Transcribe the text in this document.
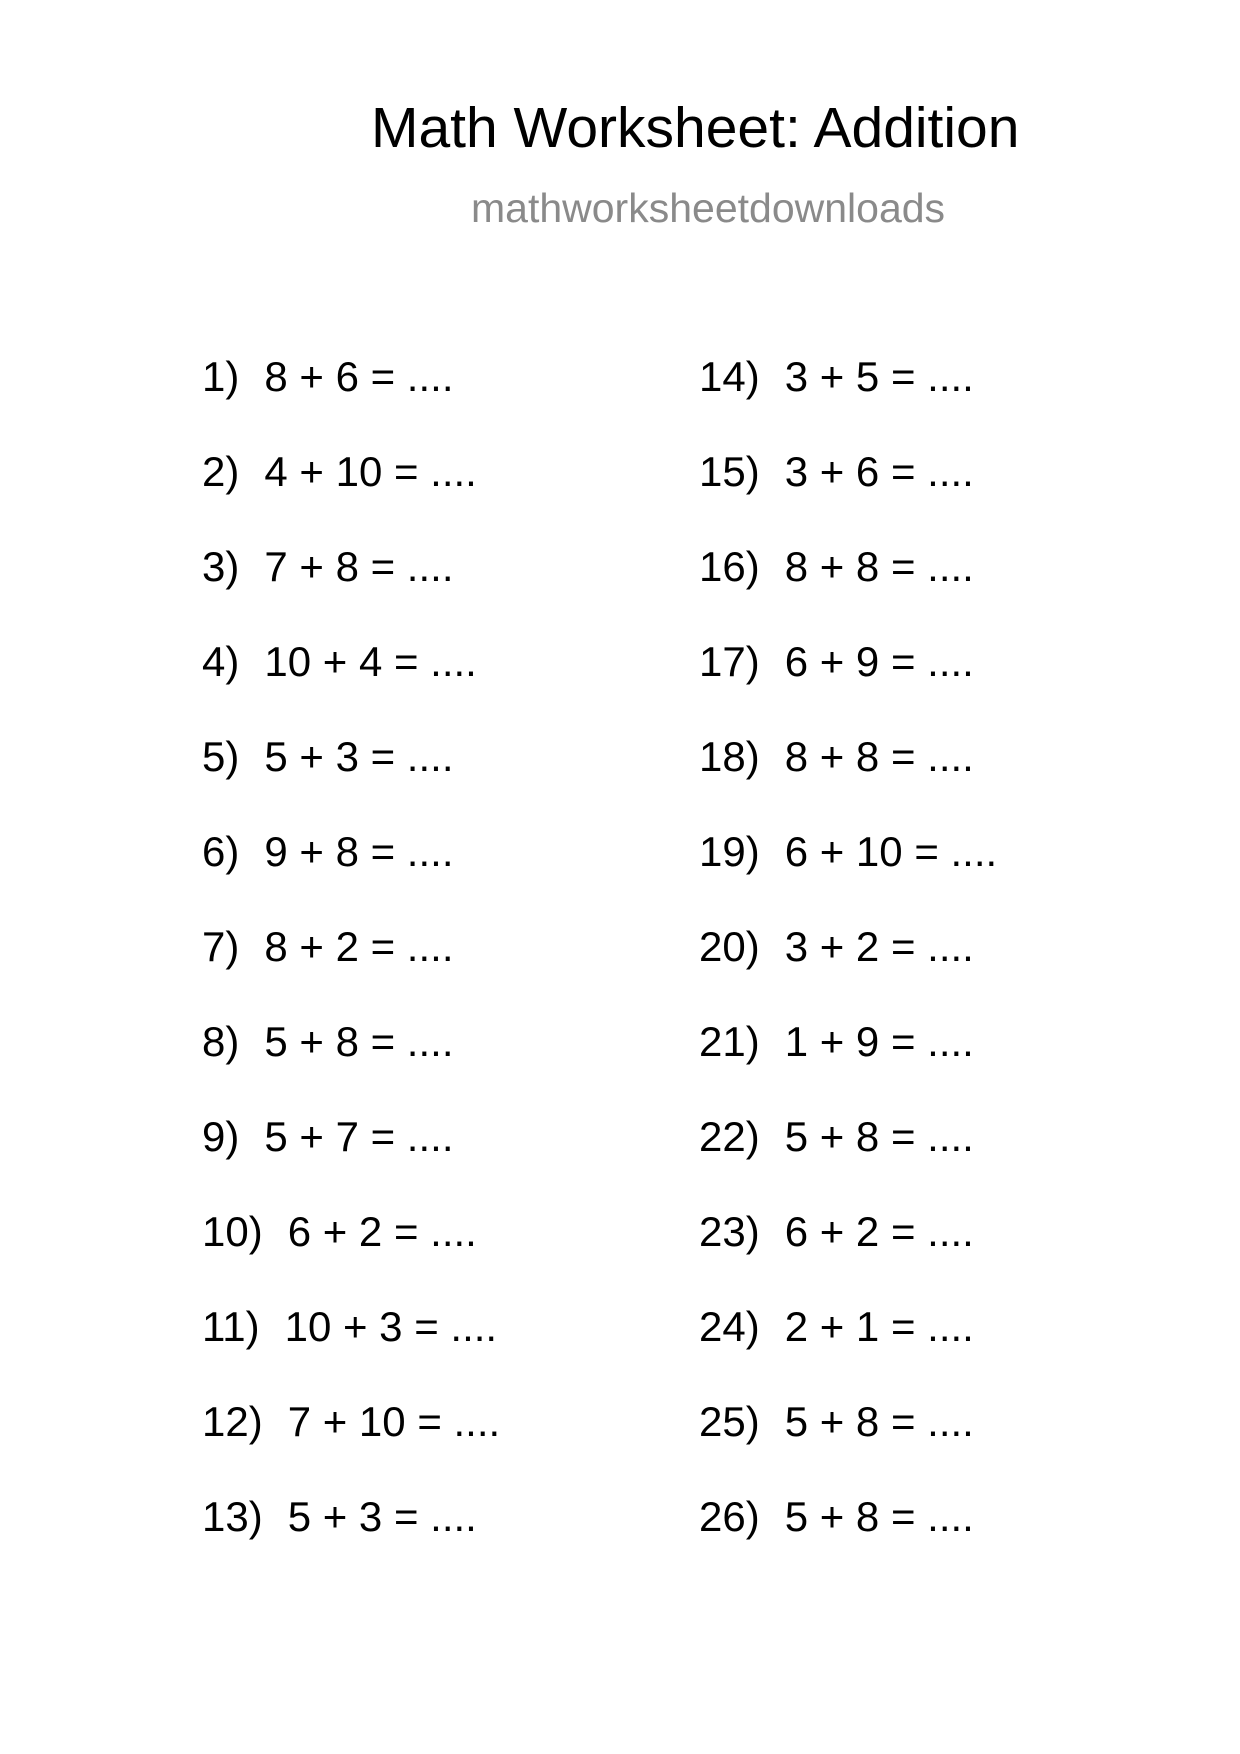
Math Worksheet: Addition
mathworksheetdownloads
1) 8 + 6 = ....
2) 4 + 10 = ....
3) 7 + 8 = ....
4) 10 + 4 = ....
5) 5 + 3 = ....
6) 9 + 8 = ....
7) 8 + 2 = ....
8) 5 + 8 = ....
9) 5 + 7 = ....
10) 6 + 2 = ....
11) 10 + 3 = ....
12) 7 + 10 = ....
13) 5 + 3 = ....
14) 3 + 5 = ....
15) 3 + 6 = ....
16) 8 + 8 = ....
17) 6 + 9 = ....
18) 8 + 8 = ....
19) 6 + 10 = ....
20) 3 + 2 = ....
21) 1 + 9 = ....
22) 5 + 8 = ....
23) 6 + 2 = ....
24) 2 + 1 = ....
25) 5 + 8 = ....
26) 5 + 8 = ....
